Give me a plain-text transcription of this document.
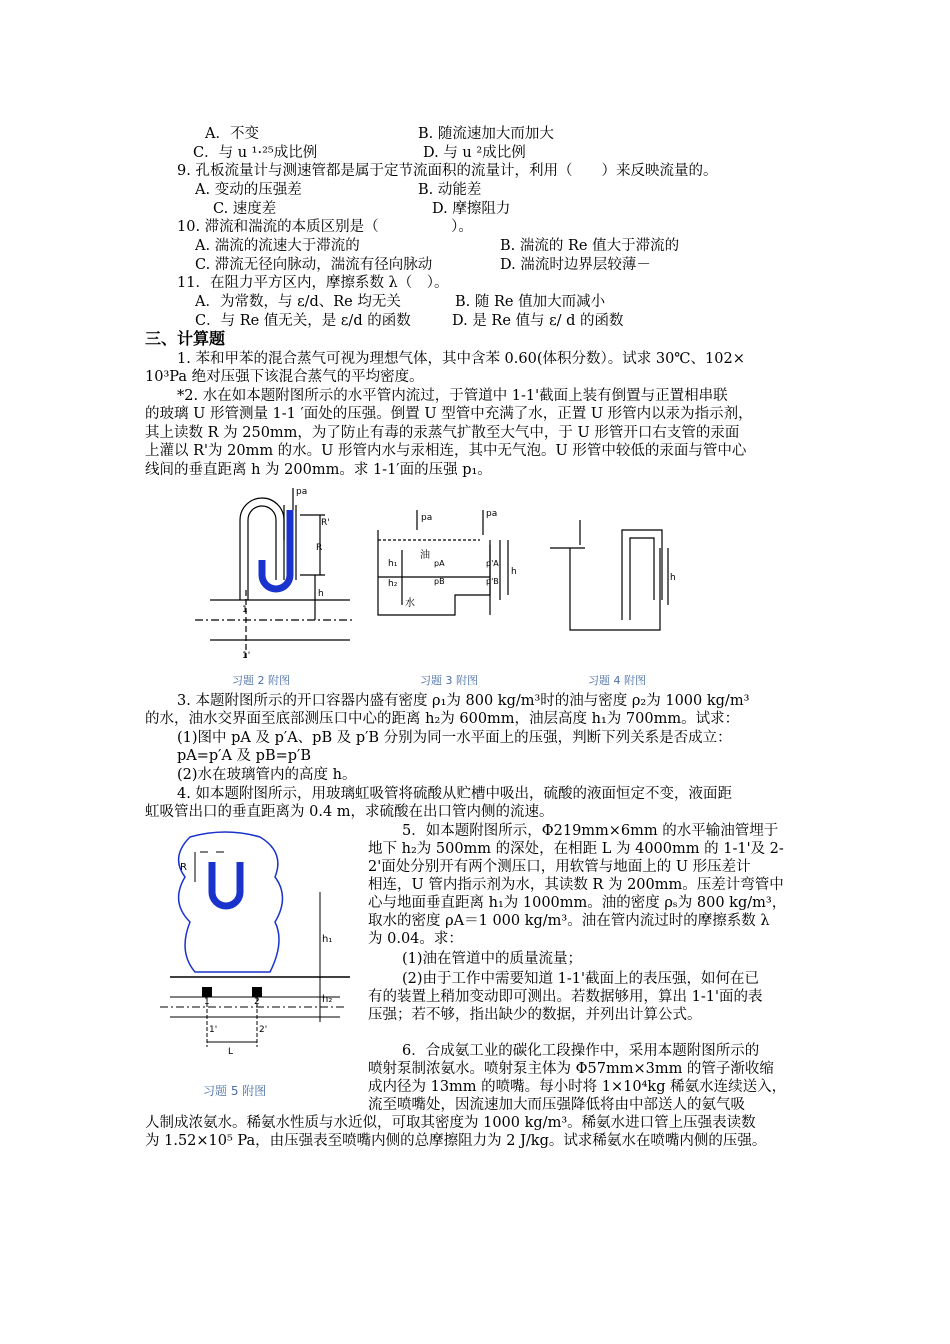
A．不变	B. 随流速加大而加大
C．与 u ¹·²⁵成比例	D. 与 u ²成比例
9. 孔板流量计与测速管都是属于定节流面积的流量计，利用（　　）来反映流量的。
A. 变动的压强差	B. 动能差
C. 速度差	D. 摩擦阻力
10. 滞流和湍流的本质区别是（　　　　　）。
A. 湍流的流速大于滞流的	B. 湍流的 Re 值大于滞流的
C. 滞流无径向脉动，湍流有径向脉动	D. 湍流时边界层较薄－
11．在阻力平方区内，摩擦系数 λ（　）。
A．为常数，与 ε/d、Re 均无关	B. 随 Re 值加大而减小
C．与 Re 值无关，是 ε/d 的函数	D. 是 Re 值与 ε/ d 的函数
三、计算题
1. 苯和甲苯的混合蒸气可视为理想气体，其中含苯 0.60(体积分数）。试求 30℃、102×
10³Pa 绝对压强下该混合蒸气的平均密度。
*2. 水在如本题附图所示的水平管内流过，于管道中 1-1'截面上装有倒置与正置相串联
的玻璃 U 形管测量 1-1 ′面处的压强。倒置 U 型管中充满了水，正置 U 形管内以汞为指示剂，
其上读数 R 为 250mm，为了防止有毒的汞蒸气扩散至大气中，于 U 形管开口右支管的汞面
上灌以 R'为 20mm 的水。U 形管内水与汞相连，其中无气泡。U 形管中较低的汞面与管中心
线间的垂直距离 h 为 200mm。求 1-1′面的压强 p₁。
pa
R'
R
h
1
1'
pa	pa
油
水
h₁
h₂
pA
pB
p'A
p'B
h
h
习题 2 附图	习题 3 附图	习题 4 附图
3. 本题附图所示的开口容器内盛有密度 ρ₁为 800 kg/m³时的油与密度 ρ₂为 1000 kg/m³
的水，油水交界面至底部测压口中心的距离 h₂为 600mm，油层高度 h₁为 700mm。试求：
(1)图中 pA 及 p′A、pB 及 p′B 分别为同一水平面上的压强，判断下列关系是否成立：
pA=p′A 及 pB=p′B
(2)水在玻璃管内的高度 h。
4. 如本题附图所示，用玻璃虹吸管将硫酸从贮槽中吸出，硫酸的液面恒定不变，液面距
虹吸管出口的垂直距离为 0.4 m，求硫酸在出口管内侧的流速。
R
h₁
h₂
1	2
1'	2'
L
习题 5 附图
5．如本题附图所示，Φ219mm×6mm 的水平输油管埋于
地下 h₂为 500mm 的深处，在相距 L 为 4000mm 的 1-1'及 2-
2'面处分别开有两个测压口，用软管与地面上的 U 形压差计
相连，U 管内指示剂为水，其读数 R 为 200mm。压差计弯管中
心与地面垂直距离 h₁为 1000mm。油的密度 ρₛ为 800 kg/m³，
取水的密度 ρA＝1 000 kg/m³。油在管内流过时的摩擦系数 λ
为 0.04。求：
(1)油在管道中的质量流量；
(2)由于工作中需要知道 1-1'截面上的表压强，如何在已
有的装置上稍加变动即可测出。若数据够用，算出 1-1'面的表
压强；若不够，指出缺少的数据，并列出计算公式。
6．合成氨工业的碳化工段操作中，采用本题附图所示的
喷射泵制浓氨水。喷射泵主体为 Φ57mm×3mm 的管子渐收缩
成内径为 13mm 的喷嘴。每小时将 1×10⁴kg 稀氨水连续送入，
流至喷嘴处，因流速加大而压强降低将由中部送人的氨气吸
人制成浓氨水。稀氨水性质与水近似，可取其密度为 1000 kg/m³。稀氨水进口管上压强表读数
为 1.52×10⁵ Pa，由压强表至喷嘴内侧的总摩擦阻力为 2 J/kg。试求稀氨水在喷嘴内侧的压强。
